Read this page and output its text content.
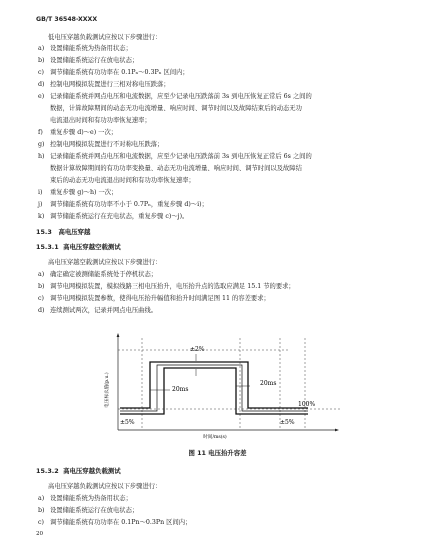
GB/T 36548-XXXX
低电压穿越负载测试应按以下步骤进行：
a) 设置储能系统为热备用状态；
b) 设置储能系统运行在放电状态；
c) 调节储能系统有功功率在 0.1Pₙ～0.3Pₙ 区间内；
d) 控制电网模拟装置进行三相对称电压跌落；
e) 记录储能系统并网点电压和电流数据，应至少记录电压跌落前 3s 到电压恢复正常后 6s 之间的
数据，计算故障期间的动态无功电流增量、响应时间、调节时间以及故障结束后的动态无功
电流退出时间和有功功率恢复速率；
f) 重复步骤 d)～e) 一次；
g) 控制电网模拟装置进行不对称电压跌落；
h) 记录储能系统并网点电压和电流数据，应至少记录电压跌落前 3s 到电压恢复正常后 6s 之间的
数据计算故障期间的有功功率变换量、动态无功电流增量、响应时间、调节时间以及故障结
束后的动态无功电流退出时间和有功功率恢复速率；
i) 重复步骤 g)～h) 一次；
j) 调节储能系统有功功率不小于 0.7Pₙ，重复步骤 d)～i)；
k) 调节储能系统运行在充电状态，重复步骤 c)～j)。
15.3 高电压穿越
15.3.1 高电压穿越空载测试
高电压穿越空载测试应按以下步骤进行：
a) 确定确定被测储能系统处于停机状态；
b) 调节电网模拟装置，模拟线路三相电压抬升，电压抬升点的选取应满足 15.1 节的要求；
c) 调节电网模拟装置参数，使得电压抬升幅值和抬升时间满足图 11 的容差要求；
d) 连续测试两次，记录并网点电压曲线。
±2%
20ms
20ms
100%
±5%	±5%
电压标幺值(p.u.)
时间/ms(s)
图 11 电压抬升容差
15.3.2 高电压穿越负载测试
高电压穿越负载测试应按以下步骤进行：
a) 设置储能系统为热备用状态；
b) 设置储能系统运行在放电状态；
c) 调节储能系统有功功率在 0.1Pn～0.3Pn 区间内；
20
